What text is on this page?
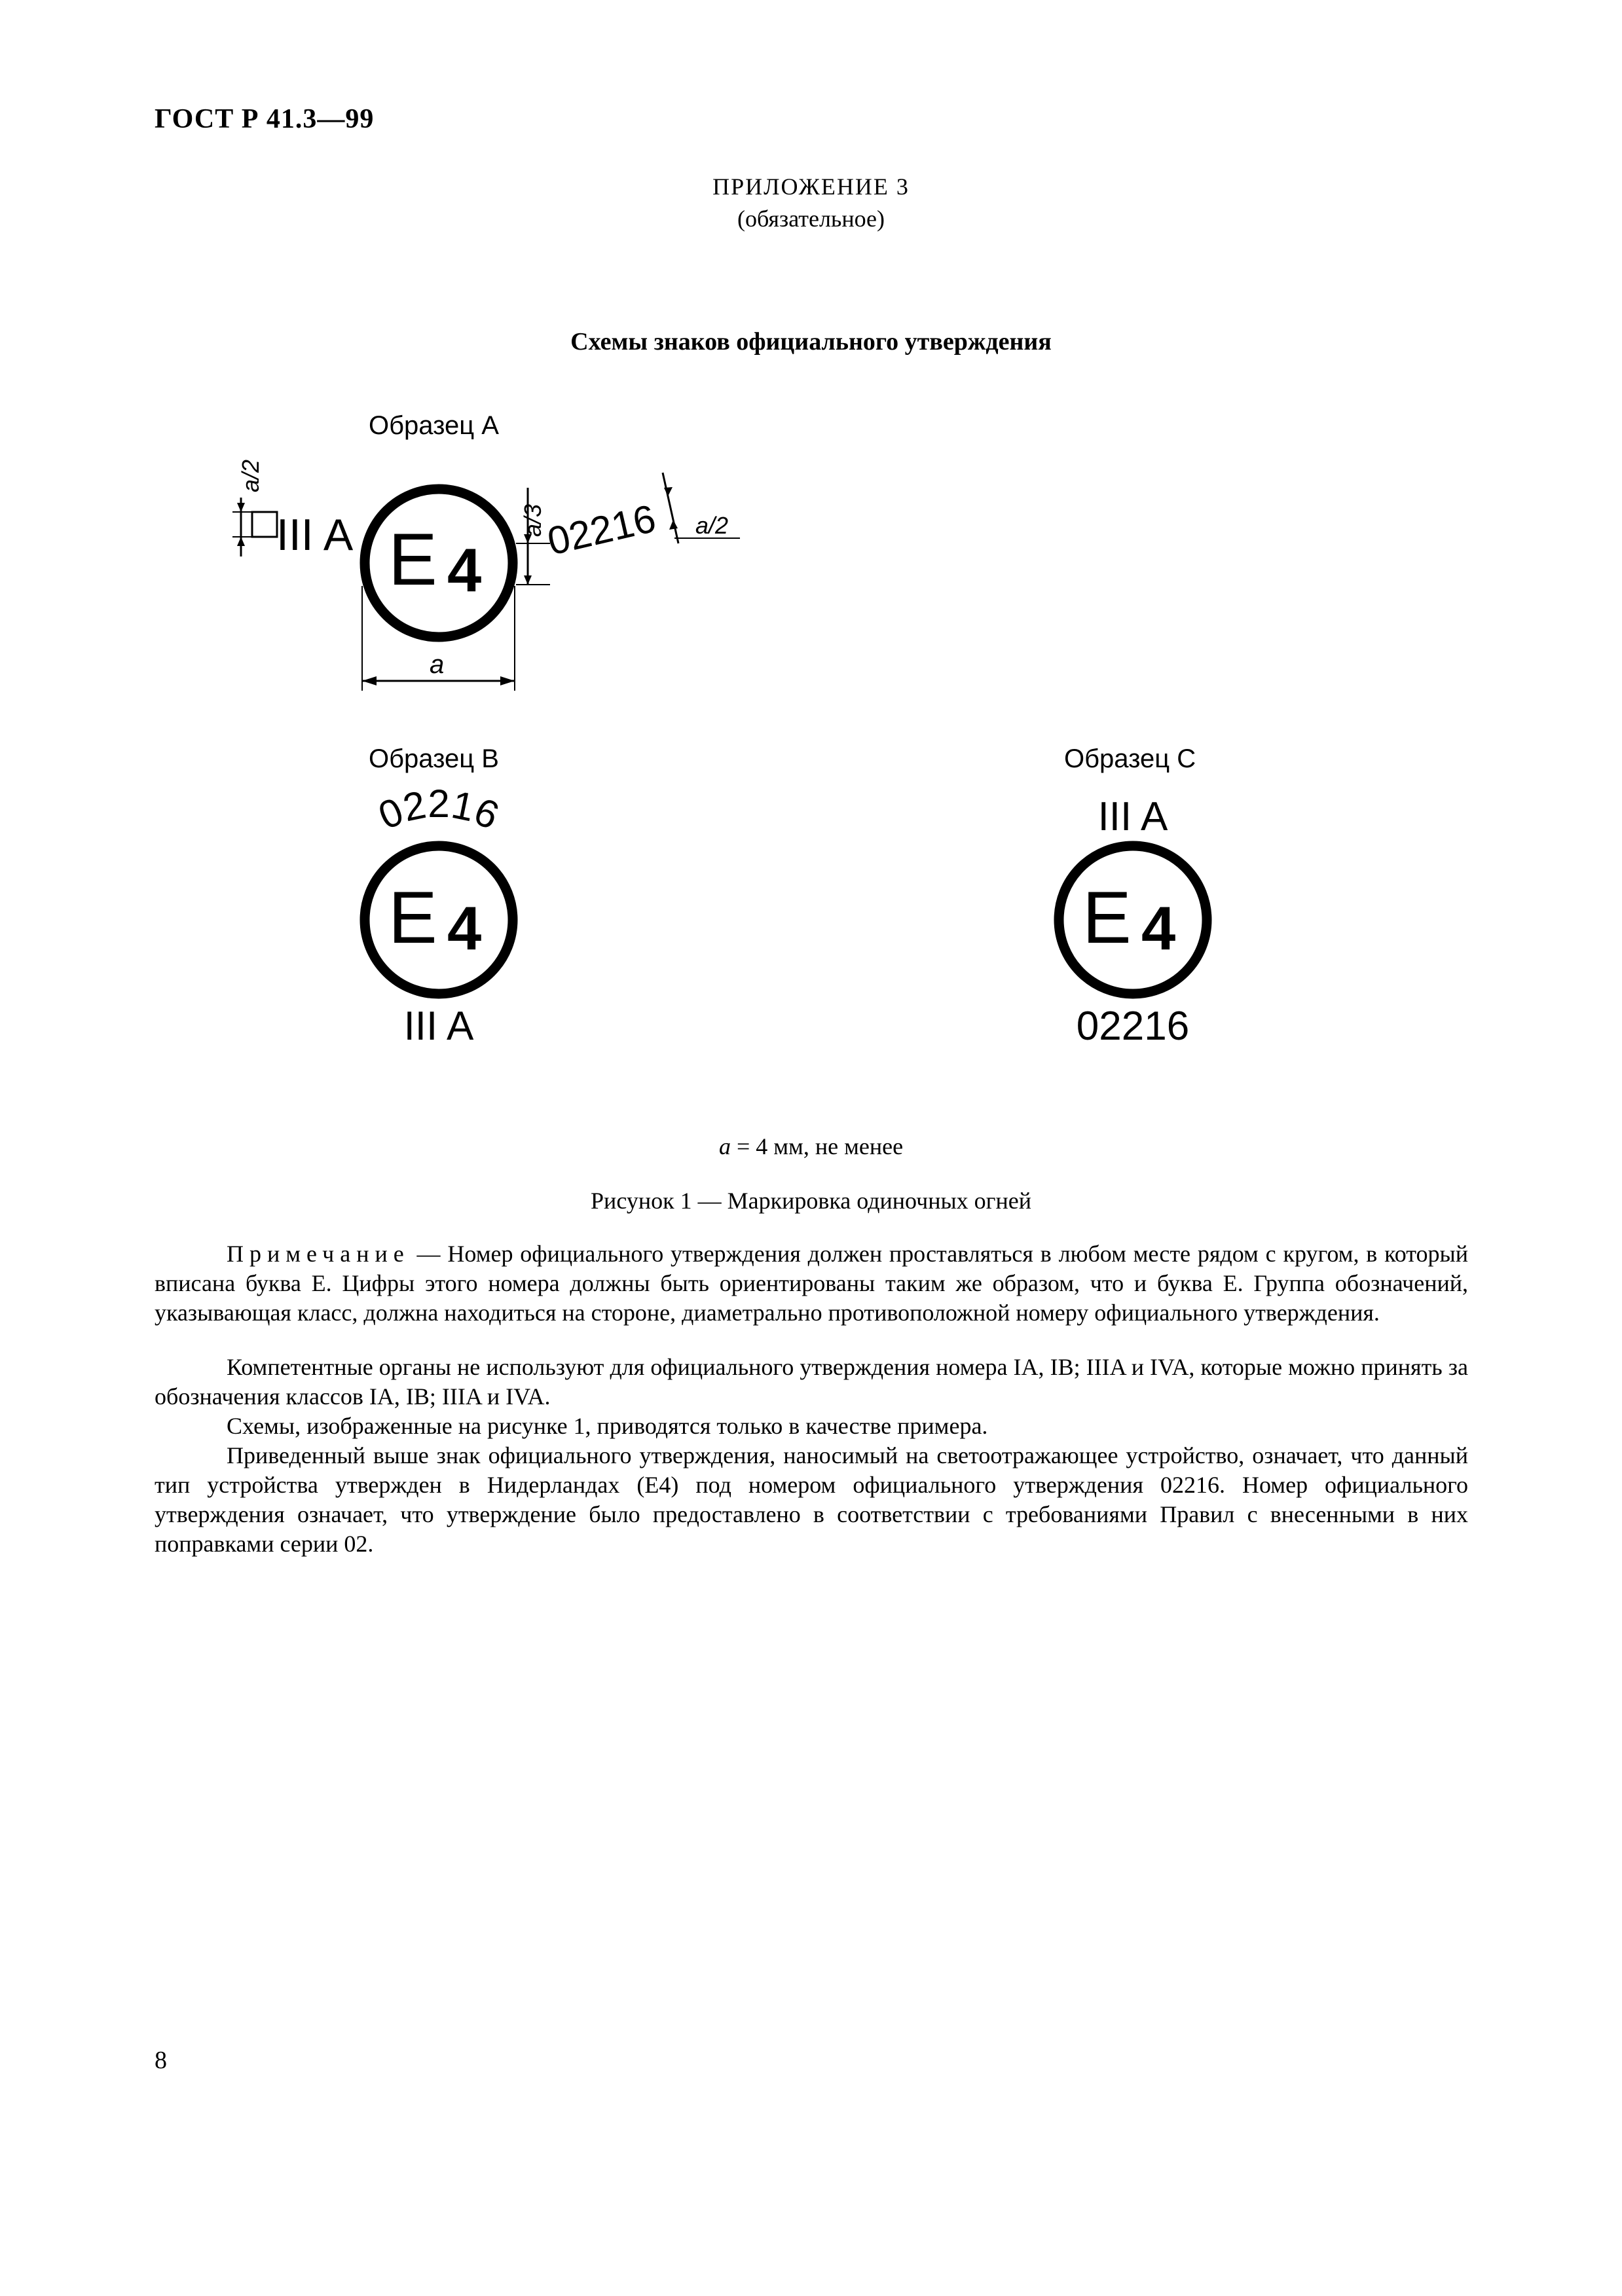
ГОСТ Р 41.3—99
ПРИЛОЖЕНИЕ 3
(обязательное)
Схемы знаков официального утверждения
Образец А
Образец В	Образец С
E 4
III A
a/2
a/3
02216 a/2
a
02216
E 4
III A
III A
E 4
02216
a = 4 мм, не менее
Рисунок 1 — Маркировка одиночных огней

Примечание — Номер официального утверждения должен проставляться в любом месте рядом с кругом, в который вписана буква Е. Цифры этого номера должны быть ориентированы таким же образом, что и буква Е. Группа обозначений, указывающая класс, должна находиться на стороне, диаметрально противоположной номеру официального утверждения.

Компетентные органы не используют для официального утверждения номера IA, IB; IIIA и IVA, которые можно принять за обозначения классов IA, IB; IIIA и IVA.

Схемы, изображенные на рисунке 1, приводятся только в качестве примера.

Приведенный выше знак официального утверждения, наносимый на светоотражающее устройство, означает, что данный тип устройства утвержден в Нидерландах (Е4) под номером официального утверждения 02216. Номер официального утверждения означает, что утверждение было предоставлено в соответствии с требованиями Правил с внесенными в них поправками серии 02.

8
